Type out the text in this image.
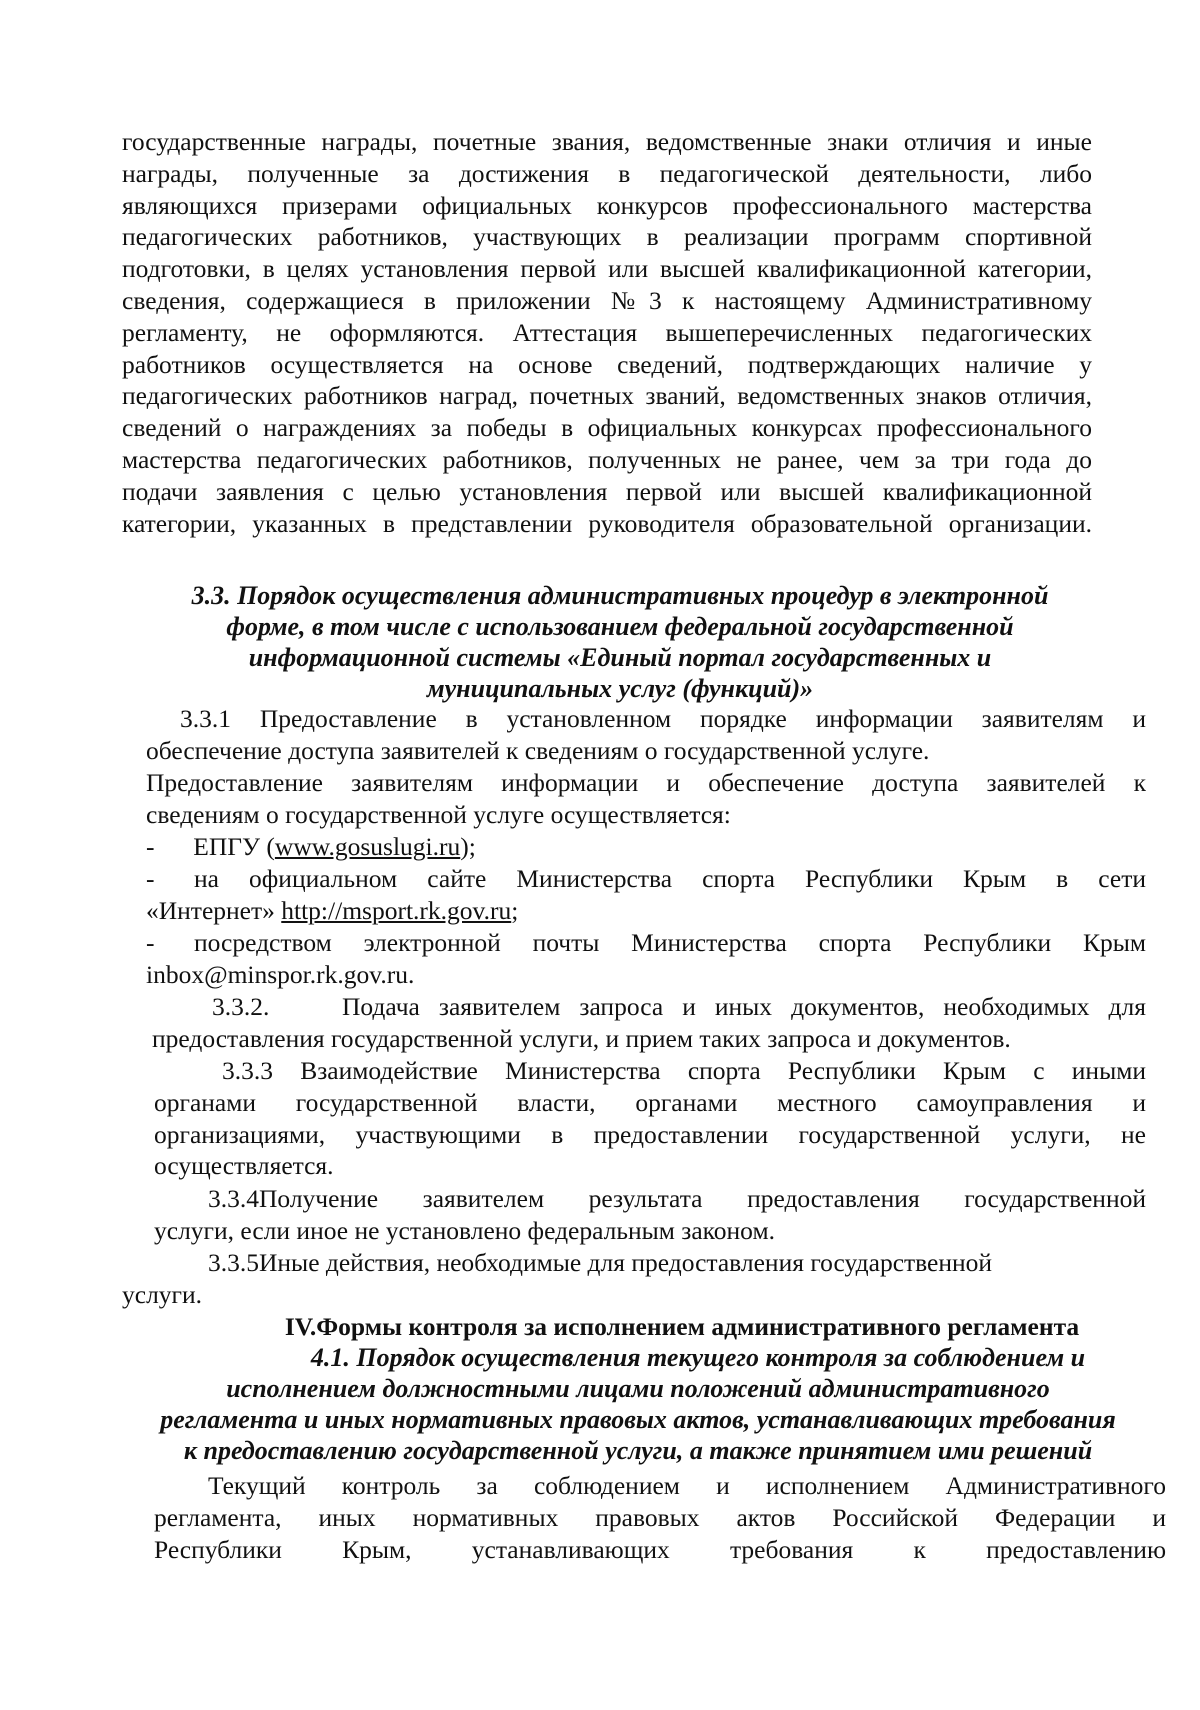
государственные награды, почетные звания, ведомственные знаки отличия и иные
награды, полученные за достижения в педагогической деятельности, либо
являющихся призерами официальных конкурсов профессионального мастерства
педагогических работников, участвующих в реализации программ спортивной
подготовки, в целях установления первой или высшей квалификационной категории,
сведения, содержащиеся в приложении №3 к настоящему Административному
регламенту, не оформляются. Аттестация вышеперечисленных педагогических
работников осуществляется на основе сведений, подтверждающих наличие у
педагогических работников наград, почетных званий, ведомственных знаков отличия,
сведений о награждениях за победы в официальных конкурсах профессионального
мастерства педагогических работников, полученных не ранее, чем за три года до
подачи заявления с целью установления первой или высшей квалификационной
категории, указанных в представлении руководителя образовательной организации.
3.3. Порядок осуществления административных процедур в электронной
форме, в том числе с использованием федеральной государственной
информационной системы «Единый портал государственных и
муниципальных услуг (функций)»
3.3.1 Предоставление в установленном порядке информации заявителям и
обеспечение доступа заявителей к сведениям о государственной услуге.
Предоставление заявителям информации и обеспечение доступа заявителей к
сведениям о государственной услуге осуществляется:
- ЕПГУ (www.gosuslugi.ru);
- на официальном сайте Министерства спорта Республики Крым в сети
«Интернет» http://msport.rk.gov.ru;
- посредством электронной почты Министерства спорта Республики Крым
inbox@minspor.rk.gov.ru.
3.3.2.	Подача заявителем запроса и иных документов, необходимых для
предоставления государственной услуги, и прием таких запроса и документов.
3.3.3 Взаимодействие Министерства спорта Республики Крым с иными
органами государственной власти, органами местного самоуправления и
организациями, участвующими в предоставлении государственной услуги, не
осуществляется.
3.3.4Получение заявителем результата предоставления государственной
услуги, если иное не установлено федеральным законом.
3.3.5Иные действия, необходимые для предоставления государственной
услуги.
IV.Формы контроля за исполнением административного регламента
4.1. Порядок осуществления текущего контроля за соблюдением и
исполнением должностными лицами положений административного
регламента и иных нормативных правовых актов, устанавливающих требования
к предоставлению государственной услуги, а также принятием ими решений
Текущий контроль за соблюдением и исполнением Административного
регламента, иных нормативных правовых актов Российской Федерации и
Республики Крым, устанавливающих требования к предоставлению
